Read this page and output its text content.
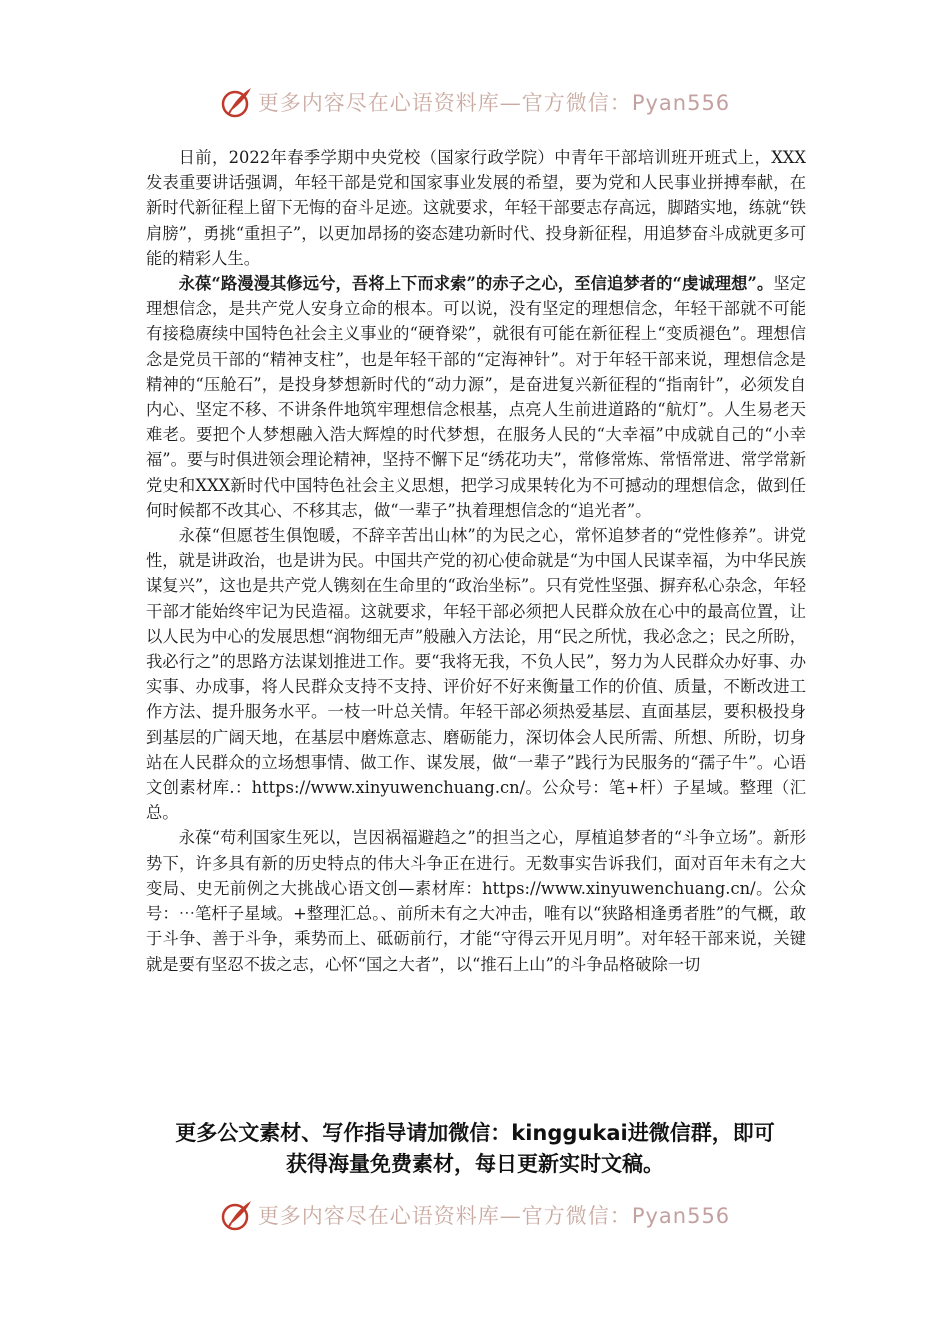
更多内容尽在心语资料库—官方微信：Pyan556

日前，2022年春季学期中央党校（国家行政学院）中青年干部培训班开班式上，XXX发表重要讲话强调，年轻干部是党和国家事业发展的希望，要为党和人民事业拼搏奉献，在新时代新征程上留下无悔的奋斗足迹。这就要求，年轻干部要志存高远，脚踏实地，练就“铁肩膀”，勇挑“重担子”，以更加昂扬的姿态建功新时代、投身新征程，用追梦奋斗成就更多可能的精彩人生。

永葆“路漫漫其修远兮，吾将上下而求索”的赤子之心，至信追梦者的“虔诚理想”。坚定理想信念，是共产党人安身立命的根本。可以说，没有坚定的理想信念，年轻干部就不可能有接稳赓续中国特色社会主义事业的“硬脊梁”，就很有可能在新征程上“变质褪色”。理想信念是党员干部的“精神支柱”，也是年轻干部的“定海神针”。对于年轻干部来说，理想信念是精神的“压舱石”，是投身梦想新时代的“动力源”，是奋进复兴新征程的“指南针”，必须发自内心、坚定不移、不讲条件地筑牢理想信念根基，点亮人生前进道路的“航灯”。人生易老天难老。要把个人梦想融入浩大辉煌的时代梦想，在服务人民的“大幸福”中成就自己的“小幸福”。要与时俱进领会理论精神，坚持不懈下足“绣花功夫”，常修常炼、常悟常进、常学常新党史和XXX新时代中国特色社会主义思想，把学习成果转化为不可撼动的理想信念，做到任何时候都不改其心、不移其志，做“一辈子”执着理想信念的“追光者”。

永葆“但愿苍生俱饱暖，不辞辛苦出山林”的为民之心，常怀追梦者的“党性修养”。讲党性，就是讲政治，也是讲为民。中国共产党的初心使命就是“为中国人民谋幸福，为中华民族谋复兴”，这也是共产党人镌刻在生命里的“政治坐标”。只有党性坚强、摒弃私心杂念，年轻干部才能始终牢记为民造福。这就要求，年轻干部必须把人民群众放在心中的最高位置，让以人民为中心的发展思想“润物细无声”般融入方法论，用“民之所忧，我必念之；民之所盼，我必行之”的思路方法谋划推进工作。要“我将无我，不负人民”，努力为人民群众办好事、办实事、办成事，将人民群众支持不支持、评价好不好来衡量工作的价值、质量，不断改进工作方法、提升服务水平。一枝一叶总关情。年轻干部必须热爱基层、直面基层，要积极投身到基层的广阔天地，在基层中磨炼意志、磨砺能力，深切体会人民所需、所想、所盼，切身站在人民群众的立场想事情、做工作、谋发展，做“一辈子”践行为民服务的“孺子牛”。心语文创素材库.：https://www.xinyuwenchuang.cn/。公众号：笔+杆）子星域。整理（汇总。

永葆“苟利国家生死以，岂因祸福避趋之”的担当之心，厚植追梦者的“斗争立场”。新形势下，许多具有新的历史特点的伟大斗争正在进行。无数事实告诉我们，面对百年未有之大变局、史无前例之大挑战心语文创—素材库：https://www.xinyuwenchuang.cn/。公众号：⋯笔杆子星域。+整理汇总。、前所未有之大冲击，唯有以“狭路相逢勇者胜”的气概，敢于斗争、善于斗争，乘势而上、砥砺前行，才能“守得云开见月明”。对年轻干部来说，关键就是要有坚忍不拔之志，心怀“国之大者”，以“推石上山”的斗争品格破除一切

更多公文素材、写作指导请加微信：kinggukai进微信群，即可
获得海量免费素材，每日更新实时文稿。
更多内容尽在心语资料库—官方微信：Pyan556
